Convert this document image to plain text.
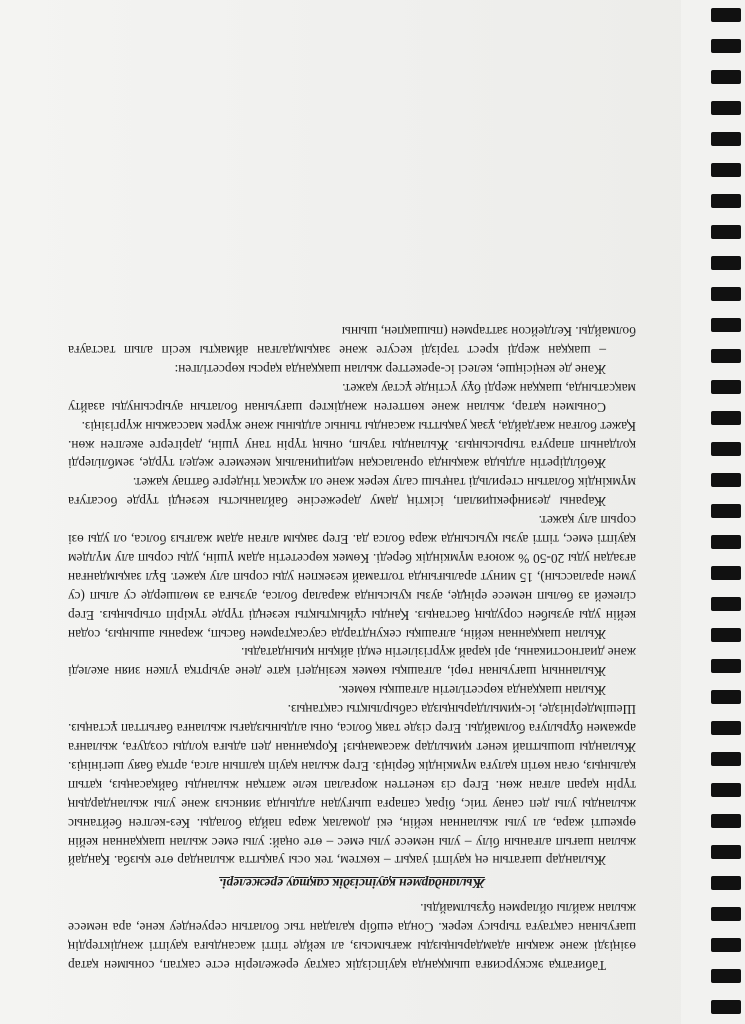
Табиғатқа экскурсияға шыққанда қауіпсіздік сақтау ережелерін есте сақтап, сонымен қатар өзіңізді және жақын адамдарыңызды жағымсыз, ал кейде тіпті жасандыға қауіпті жәндіктердің шағуынан сақтауға тырысу керек. Сонда ешбір қаладан тыс болатын серуендеу кене, ара немесе жылан жайлы ойлармен бұзылмайды.

Жыландармен қауіпсіздік сақтау ережелері.

Жыландар шағатын ең қауіпті уақыт – көктем, тек осы уақытта жыландар өте қызба. Қандай жылан шағып алғанын білу – улы немесе улы емес – өте оңай: улы емес жылан шаққаннан кейін өркешті жара, ал улы жыланнан кейін, екі домалақ жара пайда болады. Кез-келген бейтаныс жыланды улы деп санау тиіс, бірақ сапарға шығудан алдында зиянсыз және улы жыландардың түрін қарап алған жөн. Егер сіз кенеттен жорғалап келе жатқан жыланды байқасаңыз, қатып қалыңыз, оған көтіп қалуға мүмкіндік беріңіз. Егер жылан қауіп қалпын алса, артқа баяу шегініңіз. Жыланды шошытпай кенет қимылдар жасамаңыз! Қорқаннан деп адыға қолды создуға, жыланға аржамен бұрылуға болмайды. Егер сізде таяқ болса, оны алдыныздағы жыланға бағыттап ұстаңыз. Шешімдерінізде, іс-қимылдарыңызда сабырлықты сақтаңыз.

Жылан шаққанда көрсетілетін алғашқы көмек.

Жыланның шағуынан гөрі, алғашқы көмек кезіндегі қате дене ауыртқа үлкен зиян әкеледі және диагностиканы, әрі қарай жүргізілетін емді айқын қиындатады.

Жылан шаққаннан кейін, алғашқы секундтарда саусақтармен басып, жараны ашыңыз, содан кейін уды аузыбен сорудың бастаңыз. Қанды сұйықтықты кезеңді түрде түкіріп отырыңыз. Егер сілекей аз бөлып немесе еріңде, аузы қуысында жаралар болса, аузыға аз мөлшерде су алып (су умен аралассын), 15 минут аралығында толтамай кезекпен уды сорып алу қажет. Бұл зақымданған ағзадан уды 20-50 % жоюға мүмкіндік береді. Көмек көрсететін адам үшін, уды сорып алу мүлдем қауіпті емес, тіпті аузы қуысында жара болса да. Егер зақым алған адам жалғыз болса, ол уды өзі сорып алу қажет.

Жараны дезинфекциялап, ісіктің даму дәрежесіне байланысты кезеңді түрде босатуға мүмкіндік болатын стерильді таңғыш салу керек және ол жұмсақ тіндерге батпау қажет.

Жөбілдіретін алдыда жақында орналасқан медициналық мекемеге жедел түрде, земблілерді қолданып апаруға тырысыңыз. Жыланды тауып, оның түрін тану үшін, дәрігерге әкелген жөн. Қажет болған жағдайда, ұзақ уақытты жасанды тыныс алдыны және жүрек массажын жүргізіңіз.

Сонымен қатар, жылан және көптеген жәндіктер шағуынан болатын ауырсынуды азайту мақсатында, шаққан жерді бұу үстінде ұстау қажет.

Және де кеңісіңше, келесі іс-әрекеттер жылан шаққанда қарсы көрсетілген:

– шаққан жерді крест тәрізді кесуге және зақымдалған аймақты кесіп алып тастауға болмайды. Келдейсон заттармен (пышақпен, шыны
